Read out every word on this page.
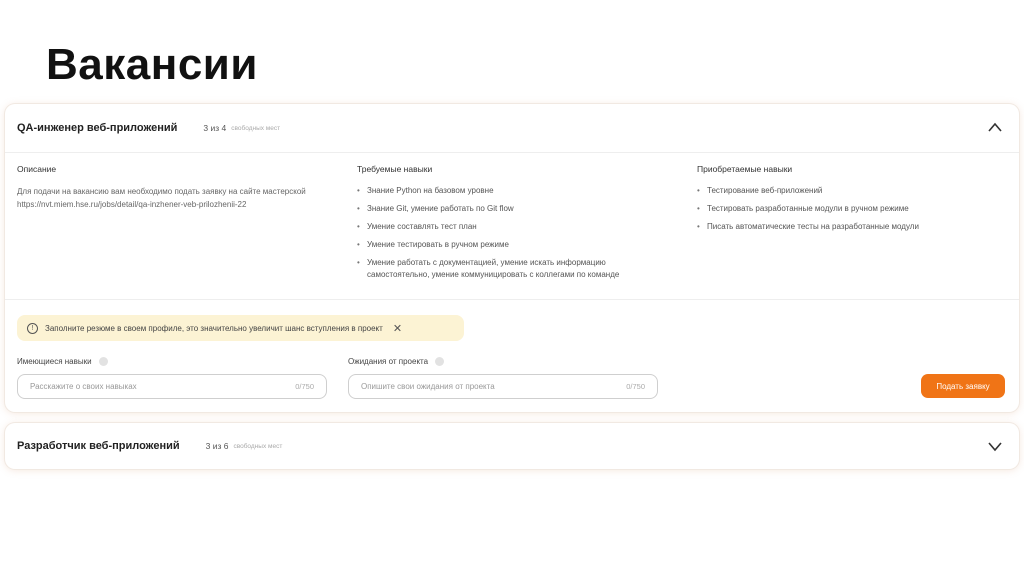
Вакансии
QA-инженер веб-приложений	3 из 4 свободных мест
Описание
Для подачи на вакансию вам необходимо подать заявку на сайте мастерской https://nvt.miem.hse.ru/jobs/detail/qa-inzhener-veb-prilozhenii-22
Требуемые навыки
• Знание Python на базовом уровне
• Знание Git, умение работать по Git flow
• Умение составлять тест план
• Умение тестировать в ручном режиме
• Умение работать с документацией, умение искать информацию самостоятельно, умение коммуницировать с коллегами по команде
Приобретаемые навыки
• Тестирование веб-приложений
• Тестировать разработанные модули в ручном режиме
• Писать автоматические тесты на разработанные модули
!	Заполните резюме в своем профиле, это значительно увеличит шанс вступления в проект ✕
Имеющиеся навыки	Ожидания от проекта
Расскажите о своих навыках	0/750	Опишите свои ожидания от проекта	0/750	Подать заявку
Разработчик веб-приложений	3 из 6 свободных мест
